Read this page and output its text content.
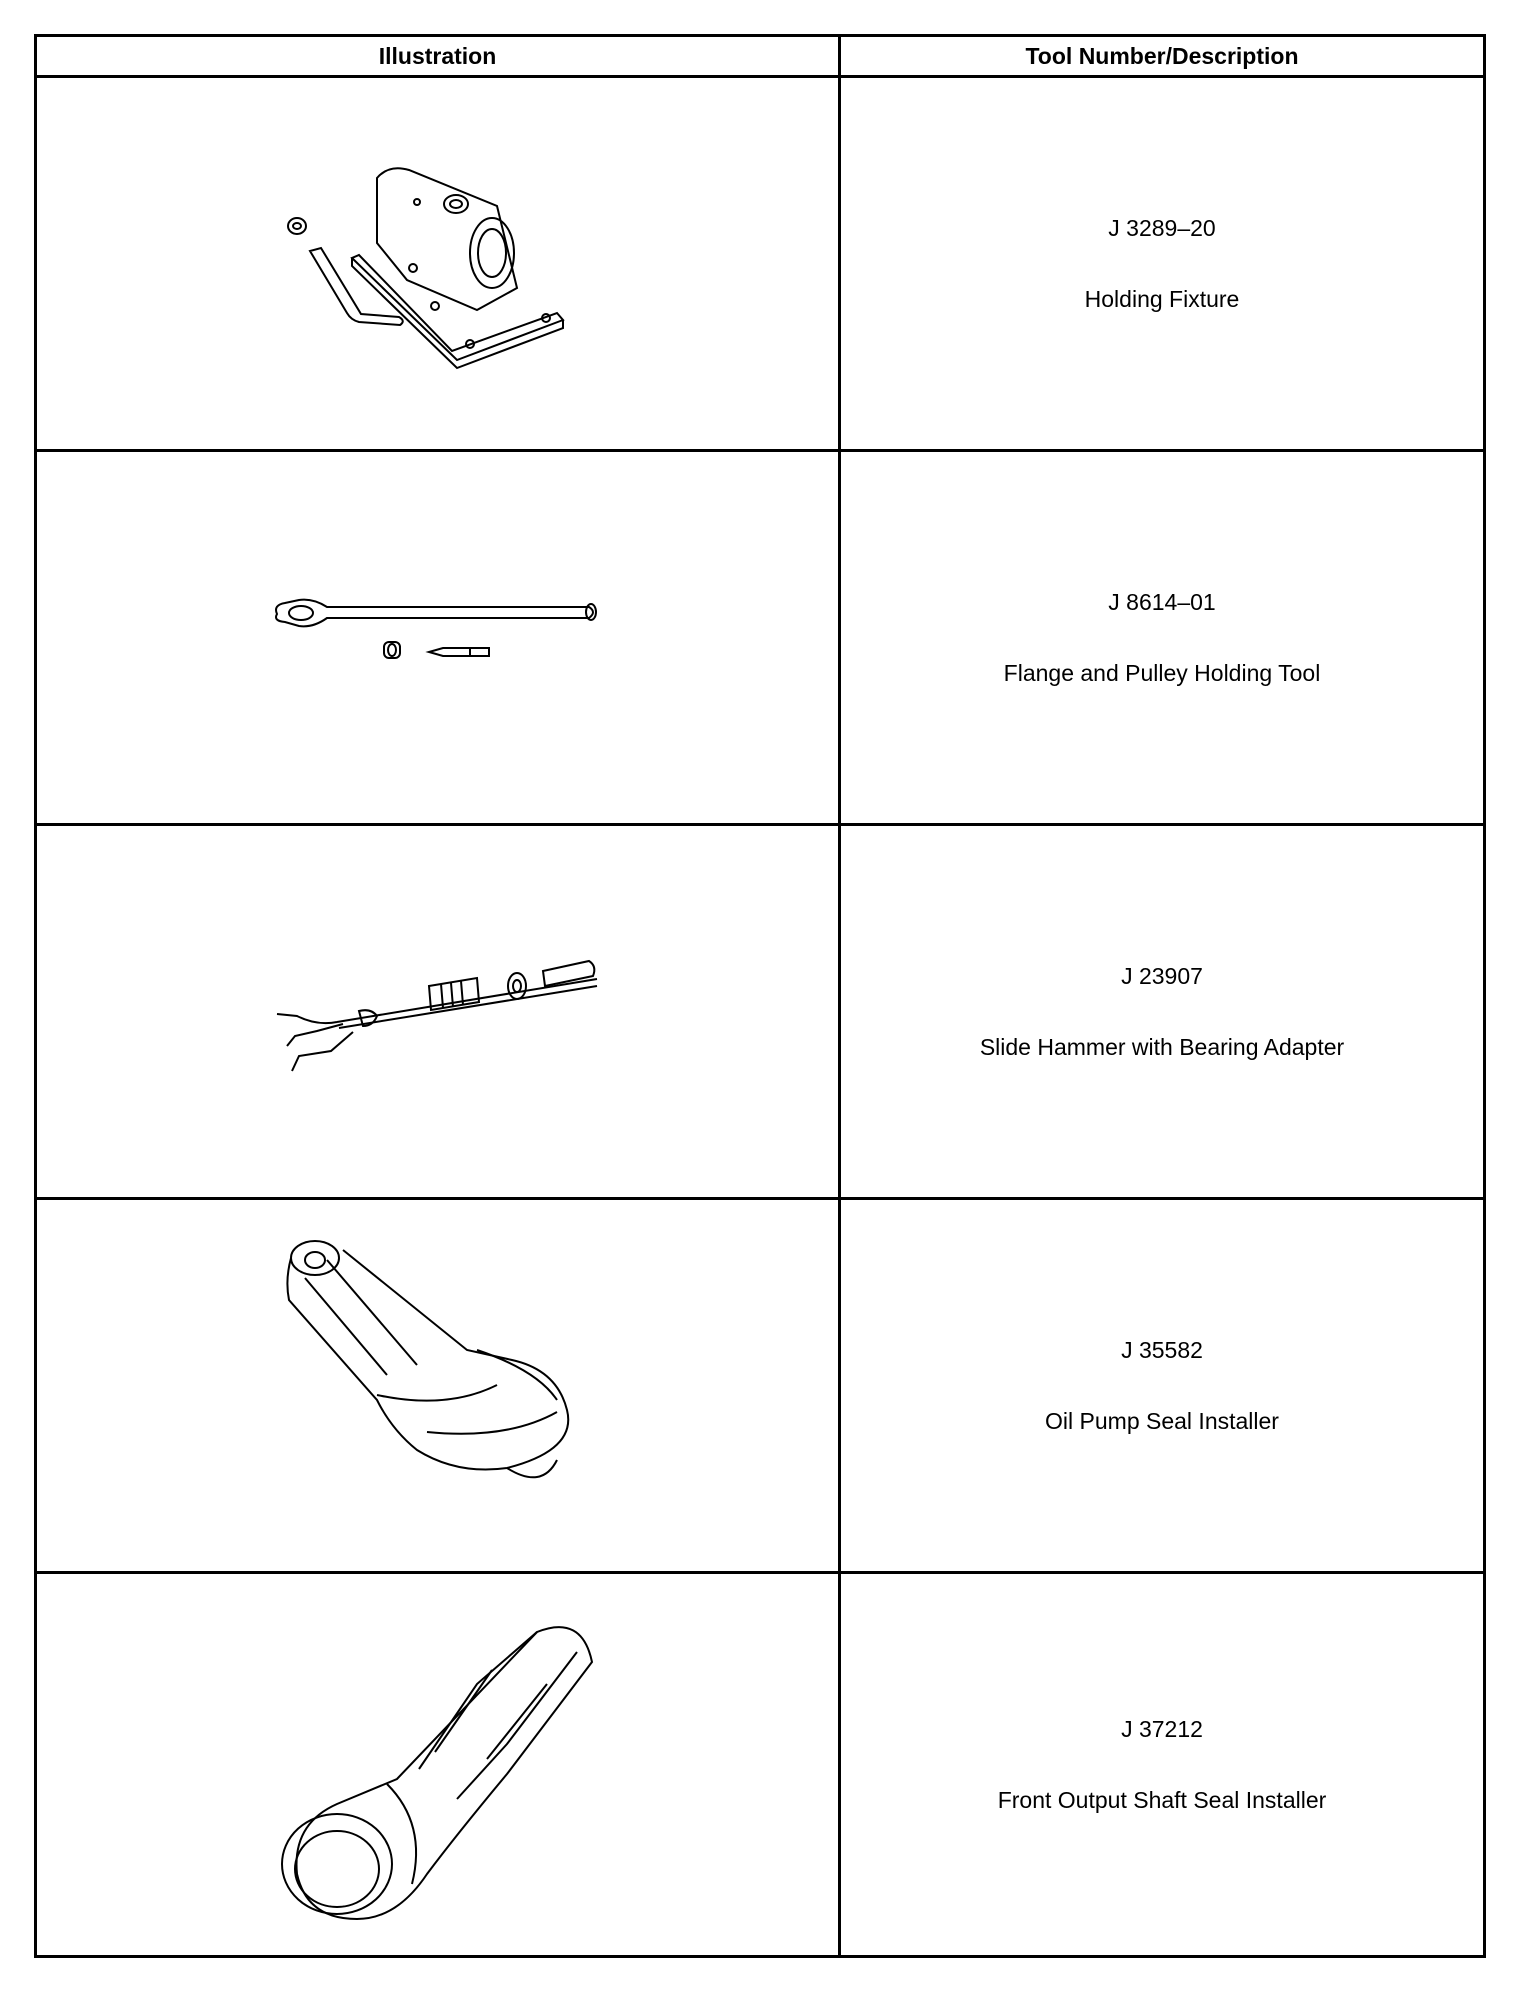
Illustration	Tool Number/Description
J 3289–20
Holding Fixture
J 8614–01
Flange and Pulley Holding Tool
J 23907
Slide Hammer with Bearing Adapter
J 35582
Oil Pump Seal Installer
J 37212
Front Output Shaft Seal Installer
